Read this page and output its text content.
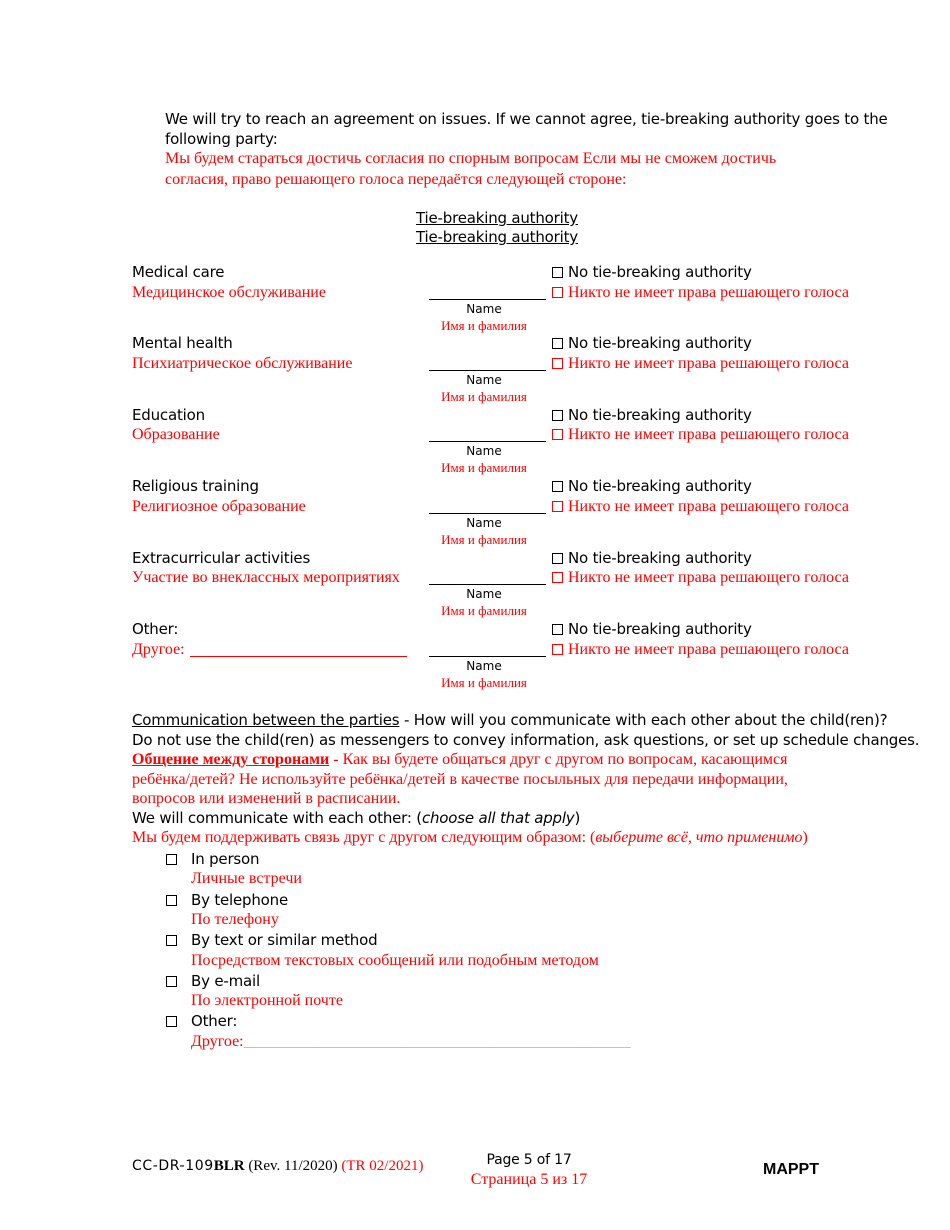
We will try to reach an agreement on issues. If we cannot agree, tie-breaking authority goes to the
following party:
Мы будем стараться достичь согласия по спорным вопросам Если мы не сможем достичь
согласия, право решающего голоса передаётся следующей стороне:
Tie-breaking authority
Tie-breaking authority
Medical care
Медицинское обслуживание
Name
Имя и фамилия
No tie-breaking authority
Никто не имеет права решающего голоса
Mental health
Психиатрическое обслуживание
Name
Имя и фамилия
No tie-breaking authority
Никто не имеет права решающего голоса
Education
Образование
Name
Имя и фамилия
No tie-breaking authority
Никто не имеет права решающего голоса
Religious training
Религиозное образование
Name
Имя и фамилия
No tie-breaking authority
Никто не имеет права решающего голоса
Extracurricular activities
Участие во внеклассных мероприятиях
Name
Имя и фамилия
No tie-breaking authority
Никто не имеет права решающего голоса
Other:
Другое:
Name
Имя и фамилия
No tie-breaking authority
Никто не имеет права решающего голоса
Communication between the parties - How will you communicate with each other about the child(ren)?
Do not use the child(ren) as messengers to convey information, ask questions, or set up schedule changes.
Общение между сторонами - Как вы будете общаться друг с другом по вопросам, касающимся
ребёнка/детей? Не используйте ребёнка/детей в качестве посыльных для передачи информации,
вопросов или изменений в расписании.
We will communicate with each other: (choose all that apply)
Мы будем поддерживать связь друг с другом следующим образом: (выберите всё, что применимо)
In person
Личные встречи
By telephone
По телефону
By text or similar method
Посредством текстовых сообщений или подобным методом
By e-mail
По электронной почте
Other:
Другое:______________________________________________________________________
CC-DR-109BLR (Rev. 11/2020) (TR 02/2021)	Page 5 of 17
Страница 5 из 17
MAPPT
